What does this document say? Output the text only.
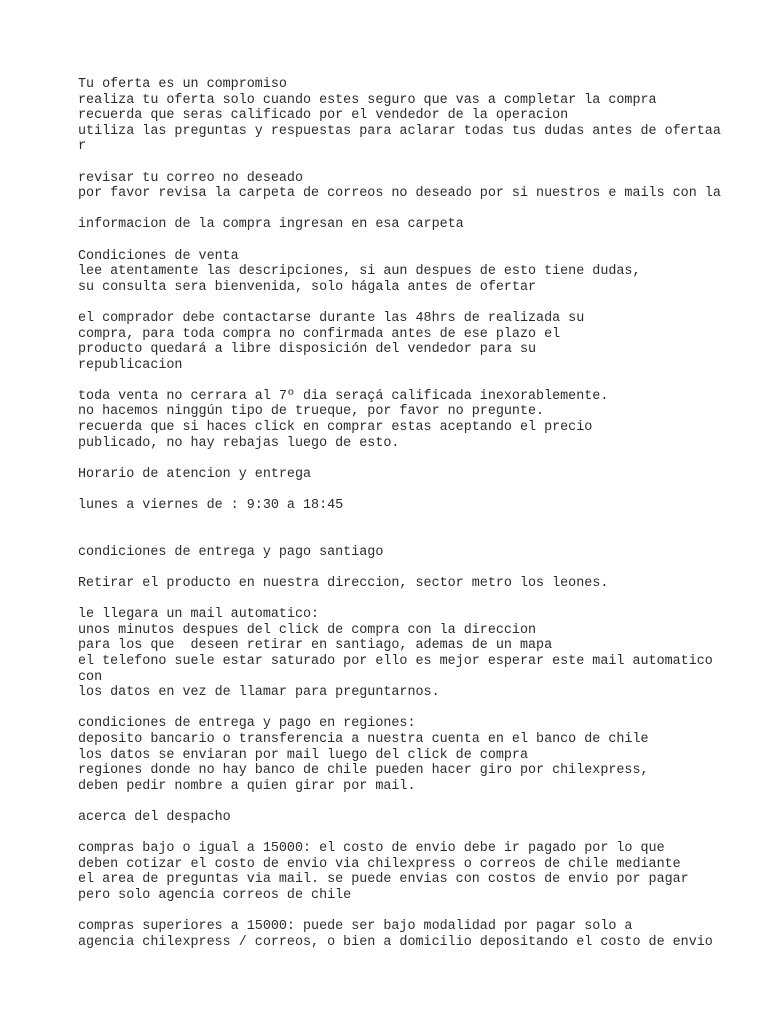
Tu oferta es un compromiso
realiza tu oferta solo cuando estes seguro que vas a completar la compra
recuerda que seras calificado por el vendedor de la operacion
utiliza las preguntas y respuestas para aclarar todas tus dudas antes de ofertaa
r
revisar tu correo no deseado
por favor revisa la carpeta de correos no deseado por si nuestros e mails con la
informacion de la compra ingresan en esa carpeta
Condiciones de venta
lee atentamente las descripciones, si aun despues de esto tiene dudas,
su consulta sera bienvenida, solo hágala antes de ofertar
el comprador debe contactarse durante las 48hrs de realizada su
compra, para toda compra no confirmada antes de ese plazo el
producto quedará a libre disposición del vendedor para su
republicacion
toda venta no cerrara al 7º dia seraçá calificada inexorablemente.
no hacemos ninggún tipo de trueque, por favor no pregunte.
recuerda que si haces click en comprar estas aceptando el precio
publicado, no hay rebajas luego de esto.
Horario de atencion y entrega
lunes a viernes de : 9:30 a 18:45
condiciones de entrega y pago santiago
Retirar el producto en nuestra direccion, sector metro los leones.
le llegara un mail automatico:
unos minutos despues del click de compra con la direccion
para los que  deseen retirar en santiago, ademas de un mapa
el telefono suele estar saturado por ello es mejor esperar este mail automatico
con
los datos en vez de llamar para preguntarnos.
condiciones de entrega y pago en regiones:
deposito bancario o transferencia a nuestra cuenta en el banco de chile
los datos se enviaran por mail luego del click de compra
regiones donde no hay banco de chile pueden hacer giro por chilexpress,
deben pedir nombre a quien girar por mail.
acerca del despacho
compras bajo o igual a 15000: el costo de envio debe ir pagado por lo que
deben cotizar el costo de envio via chilexpress o correos de chile mediante
el area de preguntas via mail. se puede envias con costos de envio por pagar
pero solo agencia correos de chile
compras superiores a 15000: puede ser bajo modalidad por pagar solo a
agencia chilexpress / correos, o bien a domicilio depositando el costo de envio
